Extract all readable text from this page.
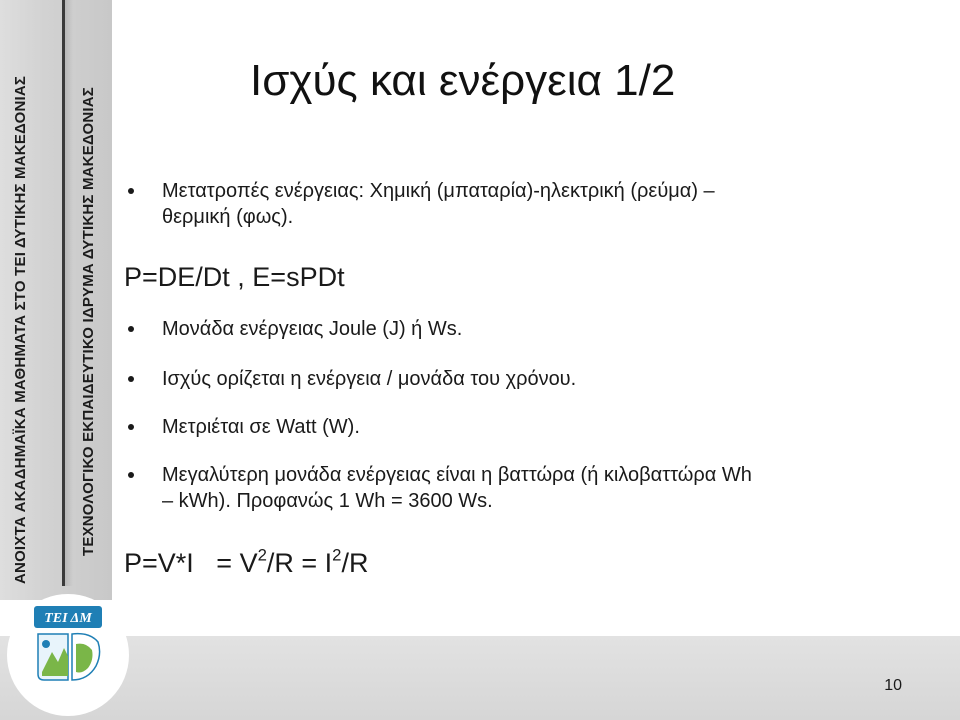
ΑΝΟΙΧΤΑ ΑΚΑΔΗΜΑΪΚΑ ΜΑΘΗΜΑΤΑ ΣΤΟ ΤΕΙ ΔΥΤΙΚΗΣ ΜΑΚΕΔΟΝΙΑΣ	ΤΕΧΝΟΛΟΓΙΚΟ ΕΚΠΑΙΔΕΥΤΙΚΟ ΙΔΡΥΜΑ ΔΥΤΙΚΗΣ ΜΑΚΕΔΟΝΙΑΣ
10
ΤΕΙ ΔΜ
Ισχύς και ενέργεια 1/2
Μετατροπές ενέργειας: Χημική (μπαταρία)-ηλεκτρική (ρεύμα) –
θερμική (φως).
P=DE/Dt , E=sPDt
Μονάδα ενέργειας Joule (J) ή Ws.
Ισχύς ορίζεται η ενέργεια / μονάδα του χρόνου.
Μετριέται σε Watt (W).
Μεγαλύτερη μονάδα ενέργειας είναι η βαττώρα (ή κιλοβαττώρα Wh
– kWh). Προφανώς 1 Wh = 3600 Ws.
$P=V*I = V^2/R = I^2/R$
